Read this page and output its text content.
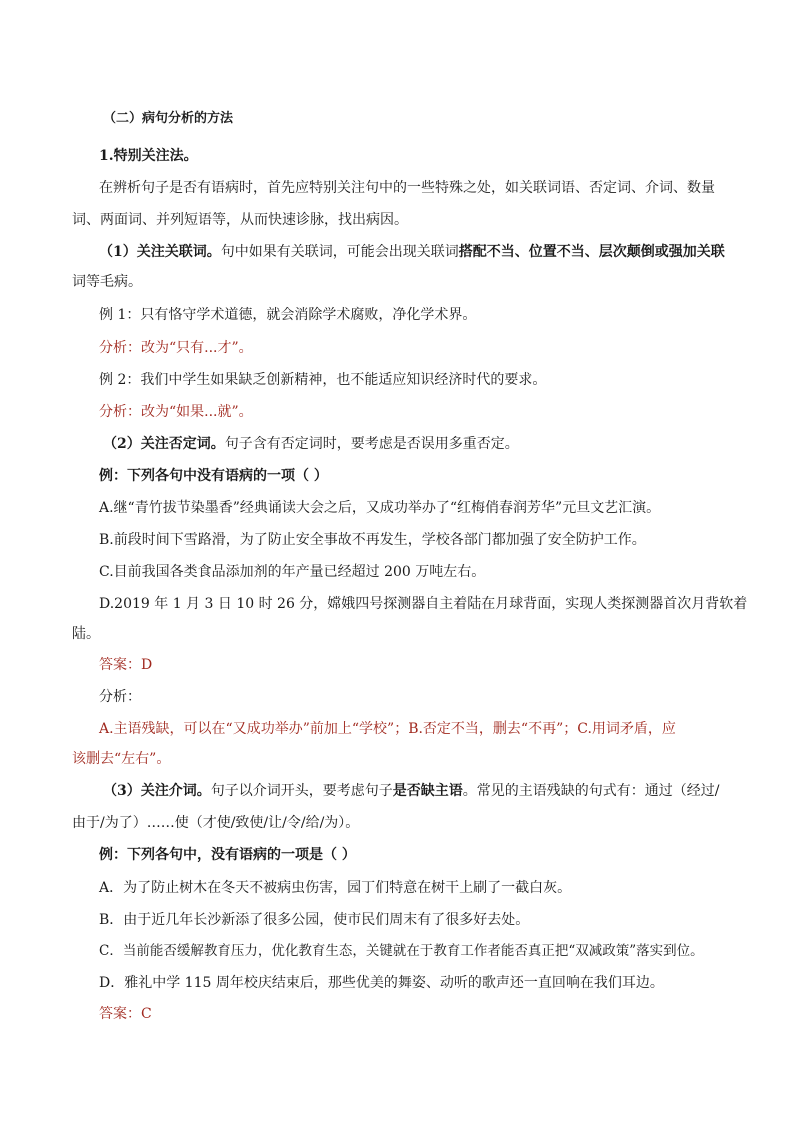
（二）病句分析的方法
1.特别关注法。
在辨析句子是否有语病时，首先应特别关注句中的一些特殊之处，如关联词语、否定词、介词、数量
词、两面词、并列短语等，从而快速诊脉，找出病因。
（1）关注关联词。句中如果有关联词，可能会出现关联词搭配不当、位置不当、层次颠倒或强加关联
词等毛病。
例 1：只有恪守学术道德，就会消除学术腐败，净化学术界。
分析：改为“只有...才”。
例 2：我们中学生如果缺乏创新精神，也不能适应知识经济时代的要求。
分析：改为“如果...就”。
（2）关注否定词。句子含有否定词时，要考虑是否误用多重否定。
例：下列各句中没有语病的一项（ ）
A.继“青竹拔节染墨香”经典诵读大会之后，又成功举办了“红梅俏春润芳华”元旦文艺汇演。
B.前段时间下雪路滑，为了防止安全事故不再发生，学校各部门都加强了安全防护工作。
C.目前我国各类食品添加剂的年产量已经超过 200 万吨左右。
D.2019 年 1 月 3 日 10 时 26 分，嫦娥四号探测器自主着陆在月球背面，实现人类探测器首次月背软着
陆。
答案：D
分析：
A.主语残缺，可以在“又成功举办”前加上“学校”；B.否定不当，删去“不再”；C.用词矛盾，应
该删去“左右”。
（3）关注介词。句子以介词开头，要考虑句子是否缺主语。常见的主语残缺的句式有：通过（经过/
由于/为了）……使（才使/致使/让/令/给/为）。
例：下列各句中，没有语病的一项是（ ）
A．为了防止树木在冬天不被病虫伤害，园丁们特意在树干上刷了一截白灰。
B．由于近几年长沙新添了很多公园，使市民们周末有了很多好去处。
C．当前能否缓解教育压力，优化教育生态，关键就在于教育工作者能否真正把“双减政策”落实到位。
D．雅礼中学 115 周年校庆结束后，那些优美的舞姿、动听的歌声还一直回响在我们耳边。
答案：C
